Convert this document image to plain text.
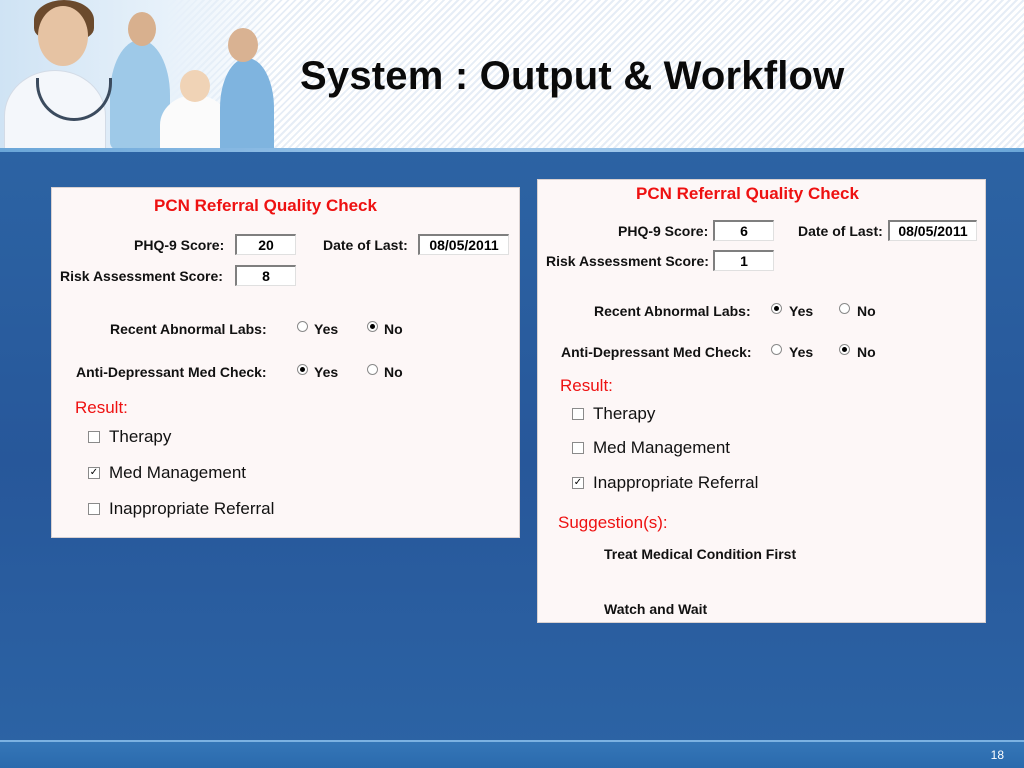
System : Output & Workflow
PCN Referral Quality Check
PHQ-9 Score:	20	Date of Last:	08/05/2011
Risk Assessment Score:	8
Recent Abnormal Labs:	Yes	No
Anti-Depressant Med Check:	Yes	No
Result:
Therapy
✓ Med Management
Inappropriate Referral
PCN Referral Quality Check
PHQ-9 Score:	6	Date of Last:	08/05/2011
Risk Assessment Score:	1
Recent Abnormal Labs:	Yes	No
Anti-Depressant Med Check:	Yes	No
Result:
Therapy
Med Management
✓ Inappropriate Referral
Suggestion(s):
Treat Medical Condition First
Watch and Wait
18
